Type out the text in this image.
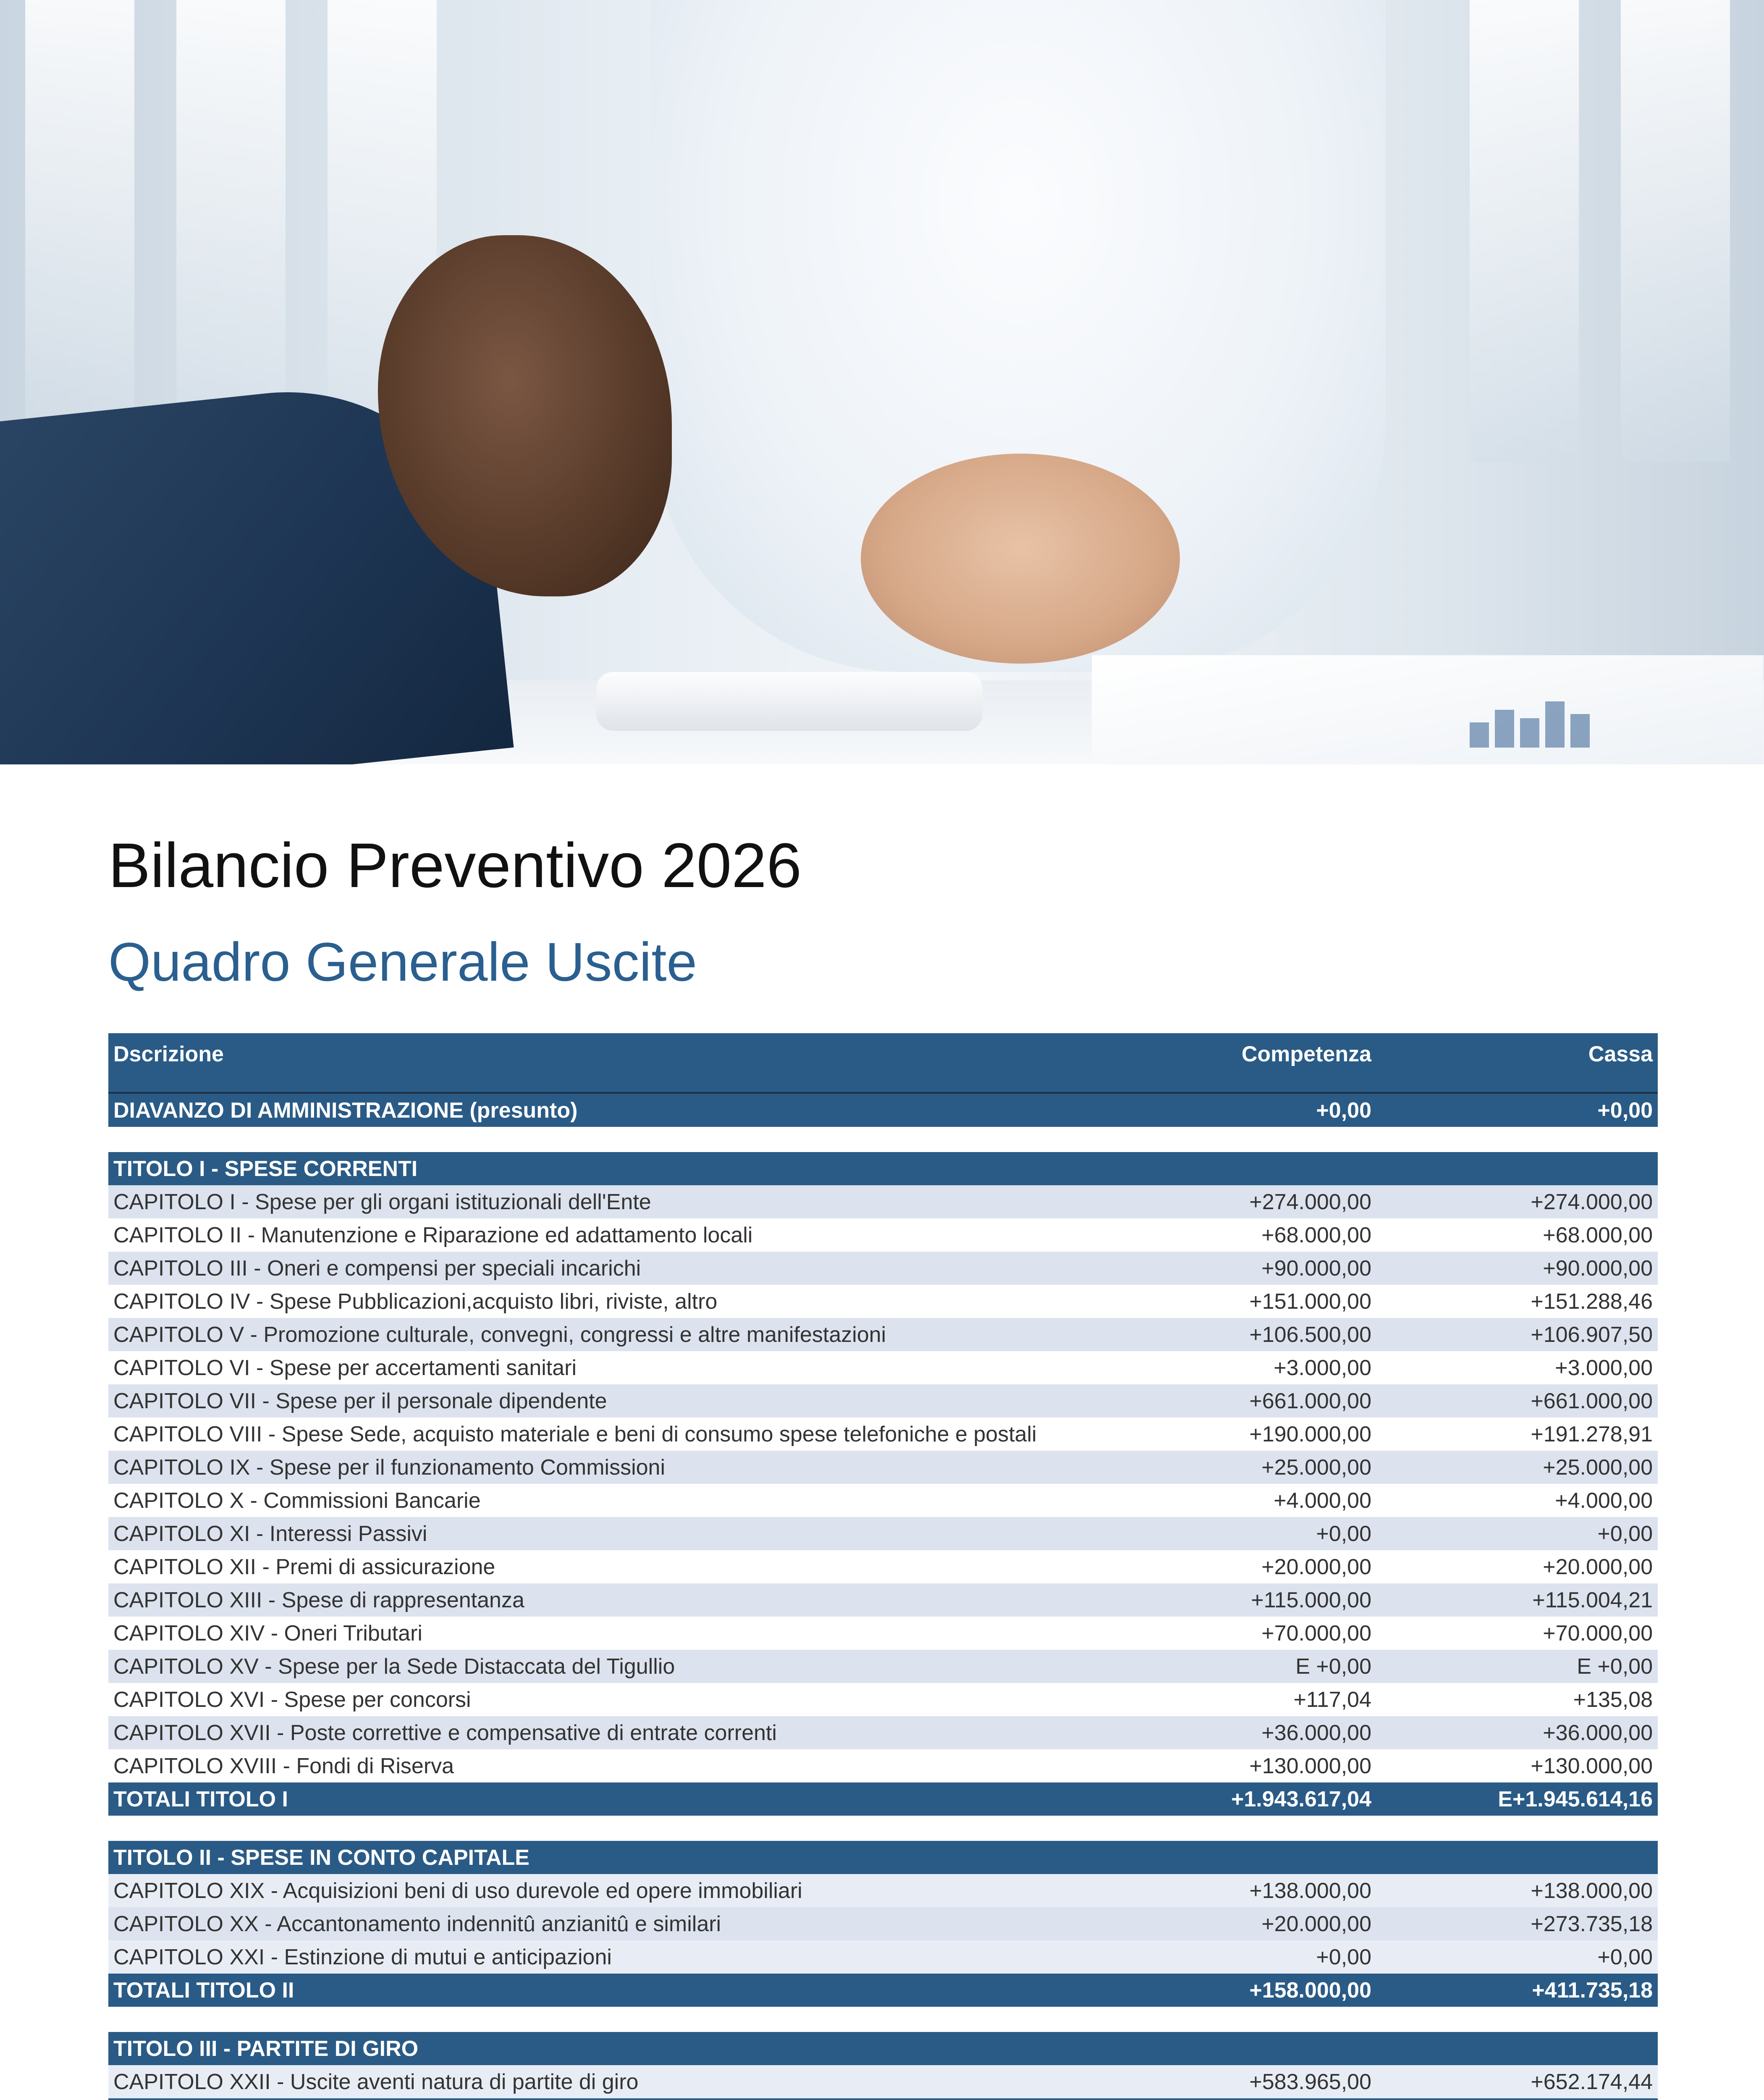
Bilancio Preventivo 2026
Quadro Generale Uscite
Dscrizione	Competenza	Cassa
DIAVANZO DI AMMINISTRAZIONE (presunto)	+0,00	+0,00
TITOLO I - SPESE CORRENTI
CAPITOLO I - Spese per gli organi istituzionali dell'Ente	+274.000,00	+274.000,00
CAPITOLO II - Manutenzione e Riparazione ed adattamento locali	+68.000,00	+68.000,00
CAPITOLO III - Oneri e compensi per speciali incarichi	+90.000,00	+90.000,00
CAPITOLO IV - Spese Pubblicazioni,acquisto libri, riviste, altro	+151.000,00	+151.288,46
CAPITOLO V - Promozione culturale, convegni, congressi e altre manifestazioni	+106.500,00	+106.907,50
CAPITOLO VI - Spese per accertamenti sanitari	+3.000,00	+3.000,00
CAPITOLO VII - Spese per il personale dipendente	+661.000,00	+661.000,00
CAPITOLO VIII - Spese Sede, acquisto materiale e beni di consumo spese telefoniche e postali	+190.000,00	+191.278,91
CAPITOLO IX - Spese per il funzionamento Commissioni	+25.000,00	+25.000,00
CAPITOLO X - Commissioni Bancarie	+4.000,00	+4.000,00
CAPITOLO XI - Interessi Passivi	+0,00	+0,00
CAPITOLO XII - Premi di assicurazione	+20.000,00	+20.000,00
CAPITOLO XIII - Spese di rappresentanza	+115.000,00	+115.004,21
CAPITOLO XIV - Oneri Tributari	+70.000,00	+70.000,00
CAPITOLO XV - Spese per la Sede Distaccata del Tigullio	E +0,00	E +0,00
CAPITOLO XVI - Spese per concorsi	+117,04	+135,08
CAPITOLO XVII - Poste correttive e compensative di entrate correnti	+36.000,00	+36.000,00
CAPITOLO XVIII - Fondi di Riserva	+130.000,00	+130.000,00
TOTALI TITOLO I	+1.943.617,04	E+1.945.614,16
TITOLO II - SPESE IN CONTO CAPITALE
CAPITOLO XIX - Acquisizioni beni di uso durevole ed opere immobiliari	+138.000,00	+138.000,00
CAPITOLO XX - Accantonamento indennitû anzianitû e similari	+20.000,00	+273.735,18
CAPITOLO XXI - Estinzione di mutui e anticipazioni	+0,00	+0,00
TOTALI TITOLO II	+158.000,00	+411.735,18
TITOLO III - PARTITE DI GIRO
CAPITOLO XXII - Uscite aventi natura di partite di giro	+583.965,00	+652.174,44
